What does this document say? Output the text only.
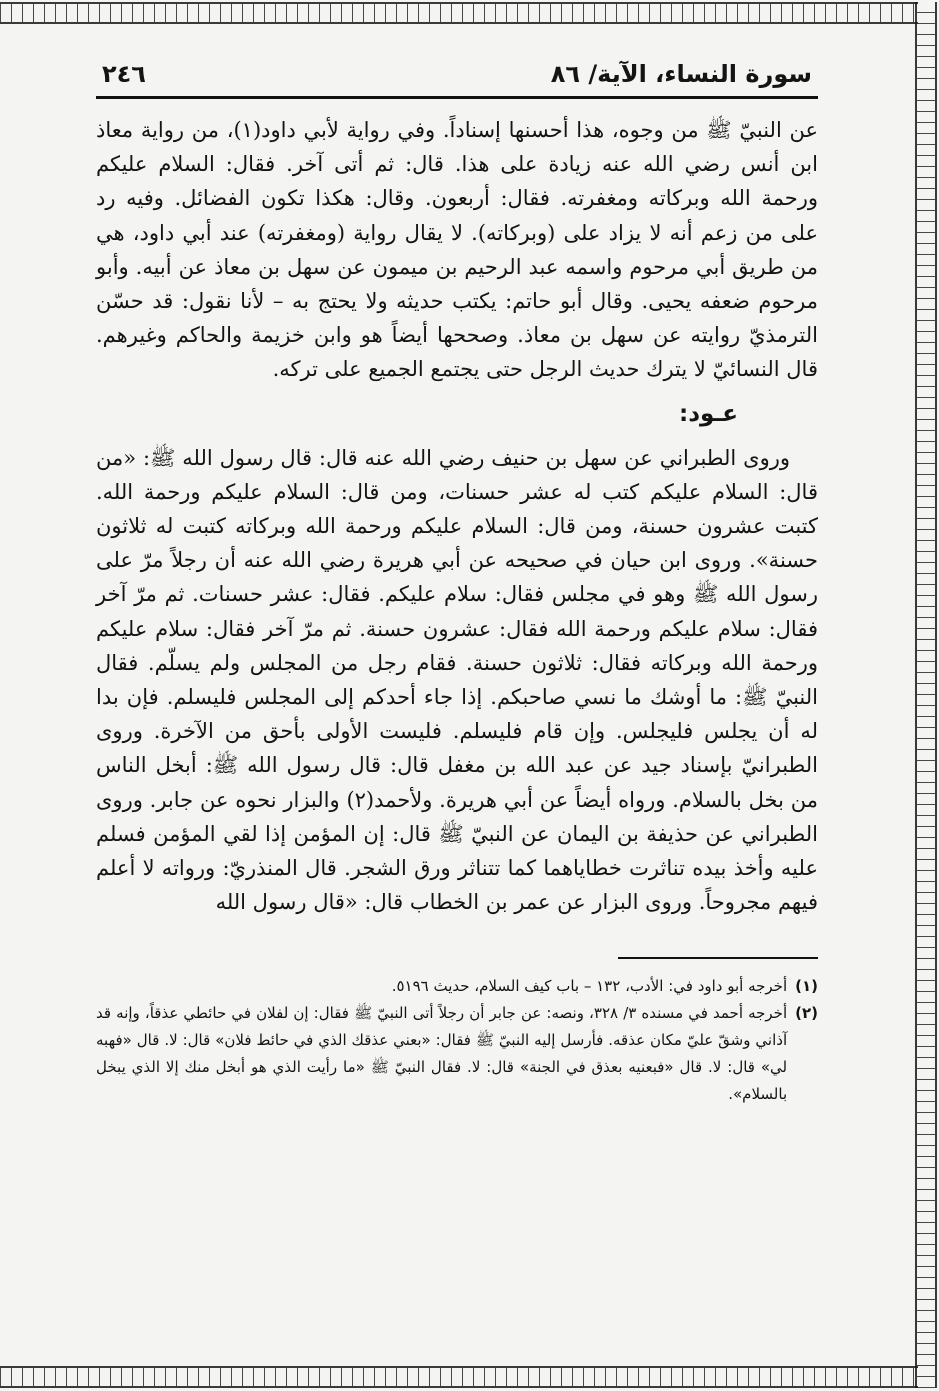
سورة النساء، الآية/ ٨٦
٢٤٦

عن النبيّ ﷺ من وجوه، هذا أحسنها إسناداً. وفي رواية لأبي داود(١)، من رواية معاذ ابن أنس رضي الله عنه زيادة على هذا. قال: ثم أتى آخر. فقال: السلام عليكم ورحمة الله وبركاته ومغفرته. فقال: أربعون. وقال: هكذا تكون الفضائل. وفيه رد على من زعم أنه لا يزاد على (وبركاته). لا يقال رواية (ومغفرته) عند أبي داود، هي من طريق أبي مرحوم واسمه عبد الرحيم بن ميمون عن سهل بن معاذ عن أبيه. وأبو مرحوم ضعفه يحيى. وقال أبو حاتم: يكتب حديثه ولا يحتج به – لأنا نقول: قد حسّن الترمذيّ روايته عن سهل بن معاذ. وصححها أيضاً هو وابن خزيمة والحاكم وغيرهم. قال النسائيّ لا يترك حديث الرجل حتى يجتمع الجميع على تركه.

عـود:

وروى الطبراني عن سهل بن حنيف رضي الله عنه قال: قال رسول الله ﷺ: «من قال: السلام عليكم كتب له عشر حسنات، ومن قال: السلام عليكم ورحمة الله. كتبت عشرون حسنة، ومن قال: السلام عليكم ورحمة الله وبركاته كتبت له ثلاثون حسنة». وروى ابن حيان في صحيحه عن أبي هريرة رضي الله عنه أن رجلاً مرّ على رسول الله ﷺ وهو في مجلس فقال: سلام عليكم. فقال: عشر حسنات. ثم مرّ آخر فقال: سلام عليكم ورحمة الله فقال: عشرون حسنة. ثم مرّ آخر فقال: سلام عليكم ورحمة الله وبركاته فقال: ثلاثون حسنة. فقام رجل من المجلس ولم يسلّم. فقال النبيّ ﷺ: ما أوشك ما نسي صاحبكم. إذا جاء أحدكم إلى المجلس فليسلم. فإن بدا له أن يجلس فليجلس. وإن قام فليسلم. فليست الأولى بأحق من الآخرة. وروى الطبرانيّ بإسناد جيد عن عبد الله بن مغفل قال: قال رسول الله ﷺ: أبخل الناس من بخل بالسلام. ورواه أيضاً عن أبي هريرة. ولأحمد(٢) والبزار نحوه عن جابر. وروى الطبراني عن حذيفة بن اليمان عن النبيّ ﷺ قال: إن المؤمن إذا لقي المؤمن فسلم عليه وأخذ بيده تناثرت خطاياهما كما تتناثر ورق الشجر. قال المنذريّ: ورواته لا أعلم فيهم مجروحاً. وروى البزار عن عمر بن الخطاب قال: «قال رسول الله

(١)
أخرجه أبو داود في: الأدب، ١٣٢ – باب كيف السلام، حديث ٥١٩٦.
(٢)
أخرجه أحمد في مسنده ٣/ ٣٢٨، ونصه: عن جابر أن رجلاً أتى النبيّ ﷺ فقال: إن لفلان في حائطي عذقاً، وإنه قد آذاني وشقّ عليّ مكان عذقه. فأرسل إليه النبيّ ﷺ فقال: «بعني عذقك الذي في حائط فلان» قال: لا. قال «فهبه لي» قال: لا. قال «فبعنيه بعذق في الجنة» قال: لا. فقال النبيّ ﷺ «ما رأيت الذي هو أبخل منك إلا الذي يبخل بالسلام».
